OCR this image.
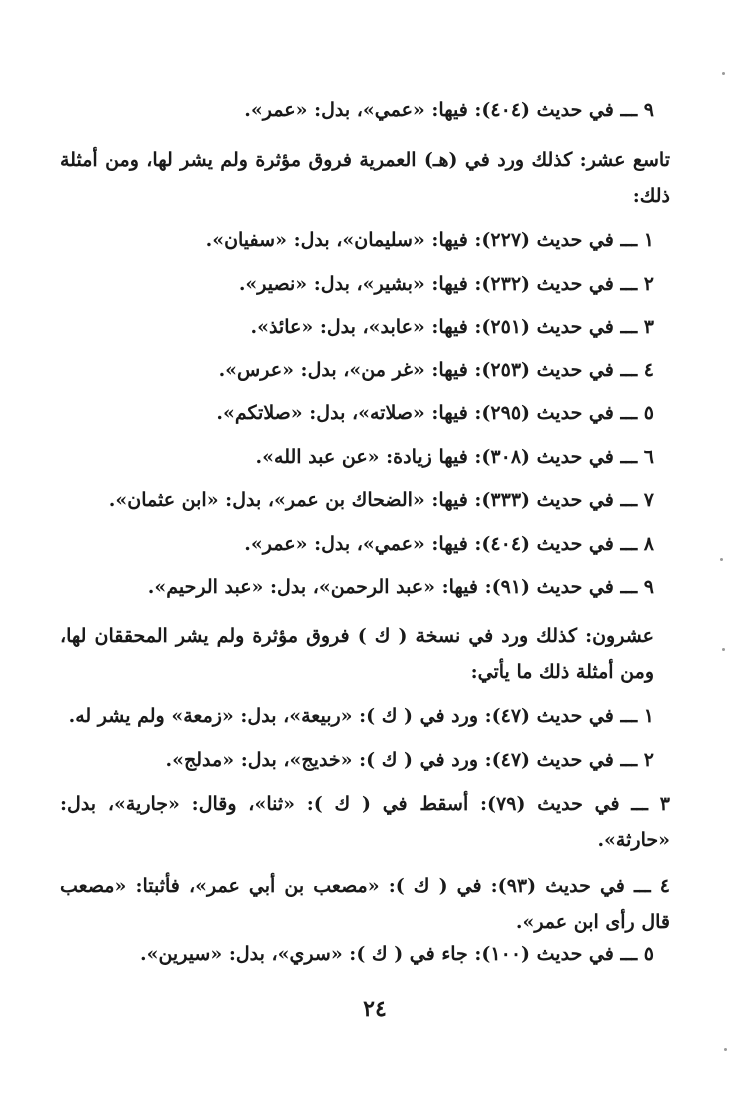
٩ ـــ في حديث (٤٠٤): فيها: «عمي»، بدل: «عمر».
تاسع عشر: كذلك ورد في (هـ) العمرية فروق مؤثرة ولم يشر لها، ومن أمثلة ذلك:
١ ـــ في حديث (٢٢٧): فيها: «سليمان»، بدل: «سفيان».
٢ ـــ في حديث (٢٣٢): فيها: «بشير»، بدل: «نصير».
٣ ـــ في حديث (٢٥١): فيها: «عابد»، بدل: «عائذ».
٤ ـــ في حديث (٢٥٣): فيها: «غر من»، بدل: «عرس».
٥ ـــ في حديث (٢٩٥): فيها: «صلاته»، بدل: «صلاتكم».
٦ ـــ في حديث (٣٠٨): فيها زيادة: «عن عبد الله».
٧ ـــ في حديث (٣٣٣): فيها: «الضحاك بن عمر»، بدل: «ابن عثمان».
٨ ـــ في حديث (٤٠٤): فيها: «عمي»، بدل: «عمر».
٩ ـــ في حديث (٩١): فيها: «عبد الرحمن»، بدل: «عبد الرحيم».
عشرون: كذلك ورد في نسخة ( ك ) فروق مؤثرة ولم يشر المحققان لها، ومن أمثلة ذلك ما يأتي:
١ ـــ في حديث (٤٧): ورد في ( ك ): «ربيعة»، بدل: «زمعة» ولم يشر له.
٢ ـــ في حديث (٤٧): ورد في ( ك ): «خديج»، بدل: «مدلج».
٣ ـــ في حديث (٧٩): أسقط في ( ك ): «ثنا»، وقال: «جارية»، بدل: «حارثة».
٤ ـــ في حديث (٩٣): في ( ك ): «مصعب بن أبي عمر»، فأثبتا: «مصعب قال رأى ابن عمر».
٥ ـــ في حديث (١٠٠): جاء في ( ك ): «سري»، بدل: «سيرين».
٢٤
